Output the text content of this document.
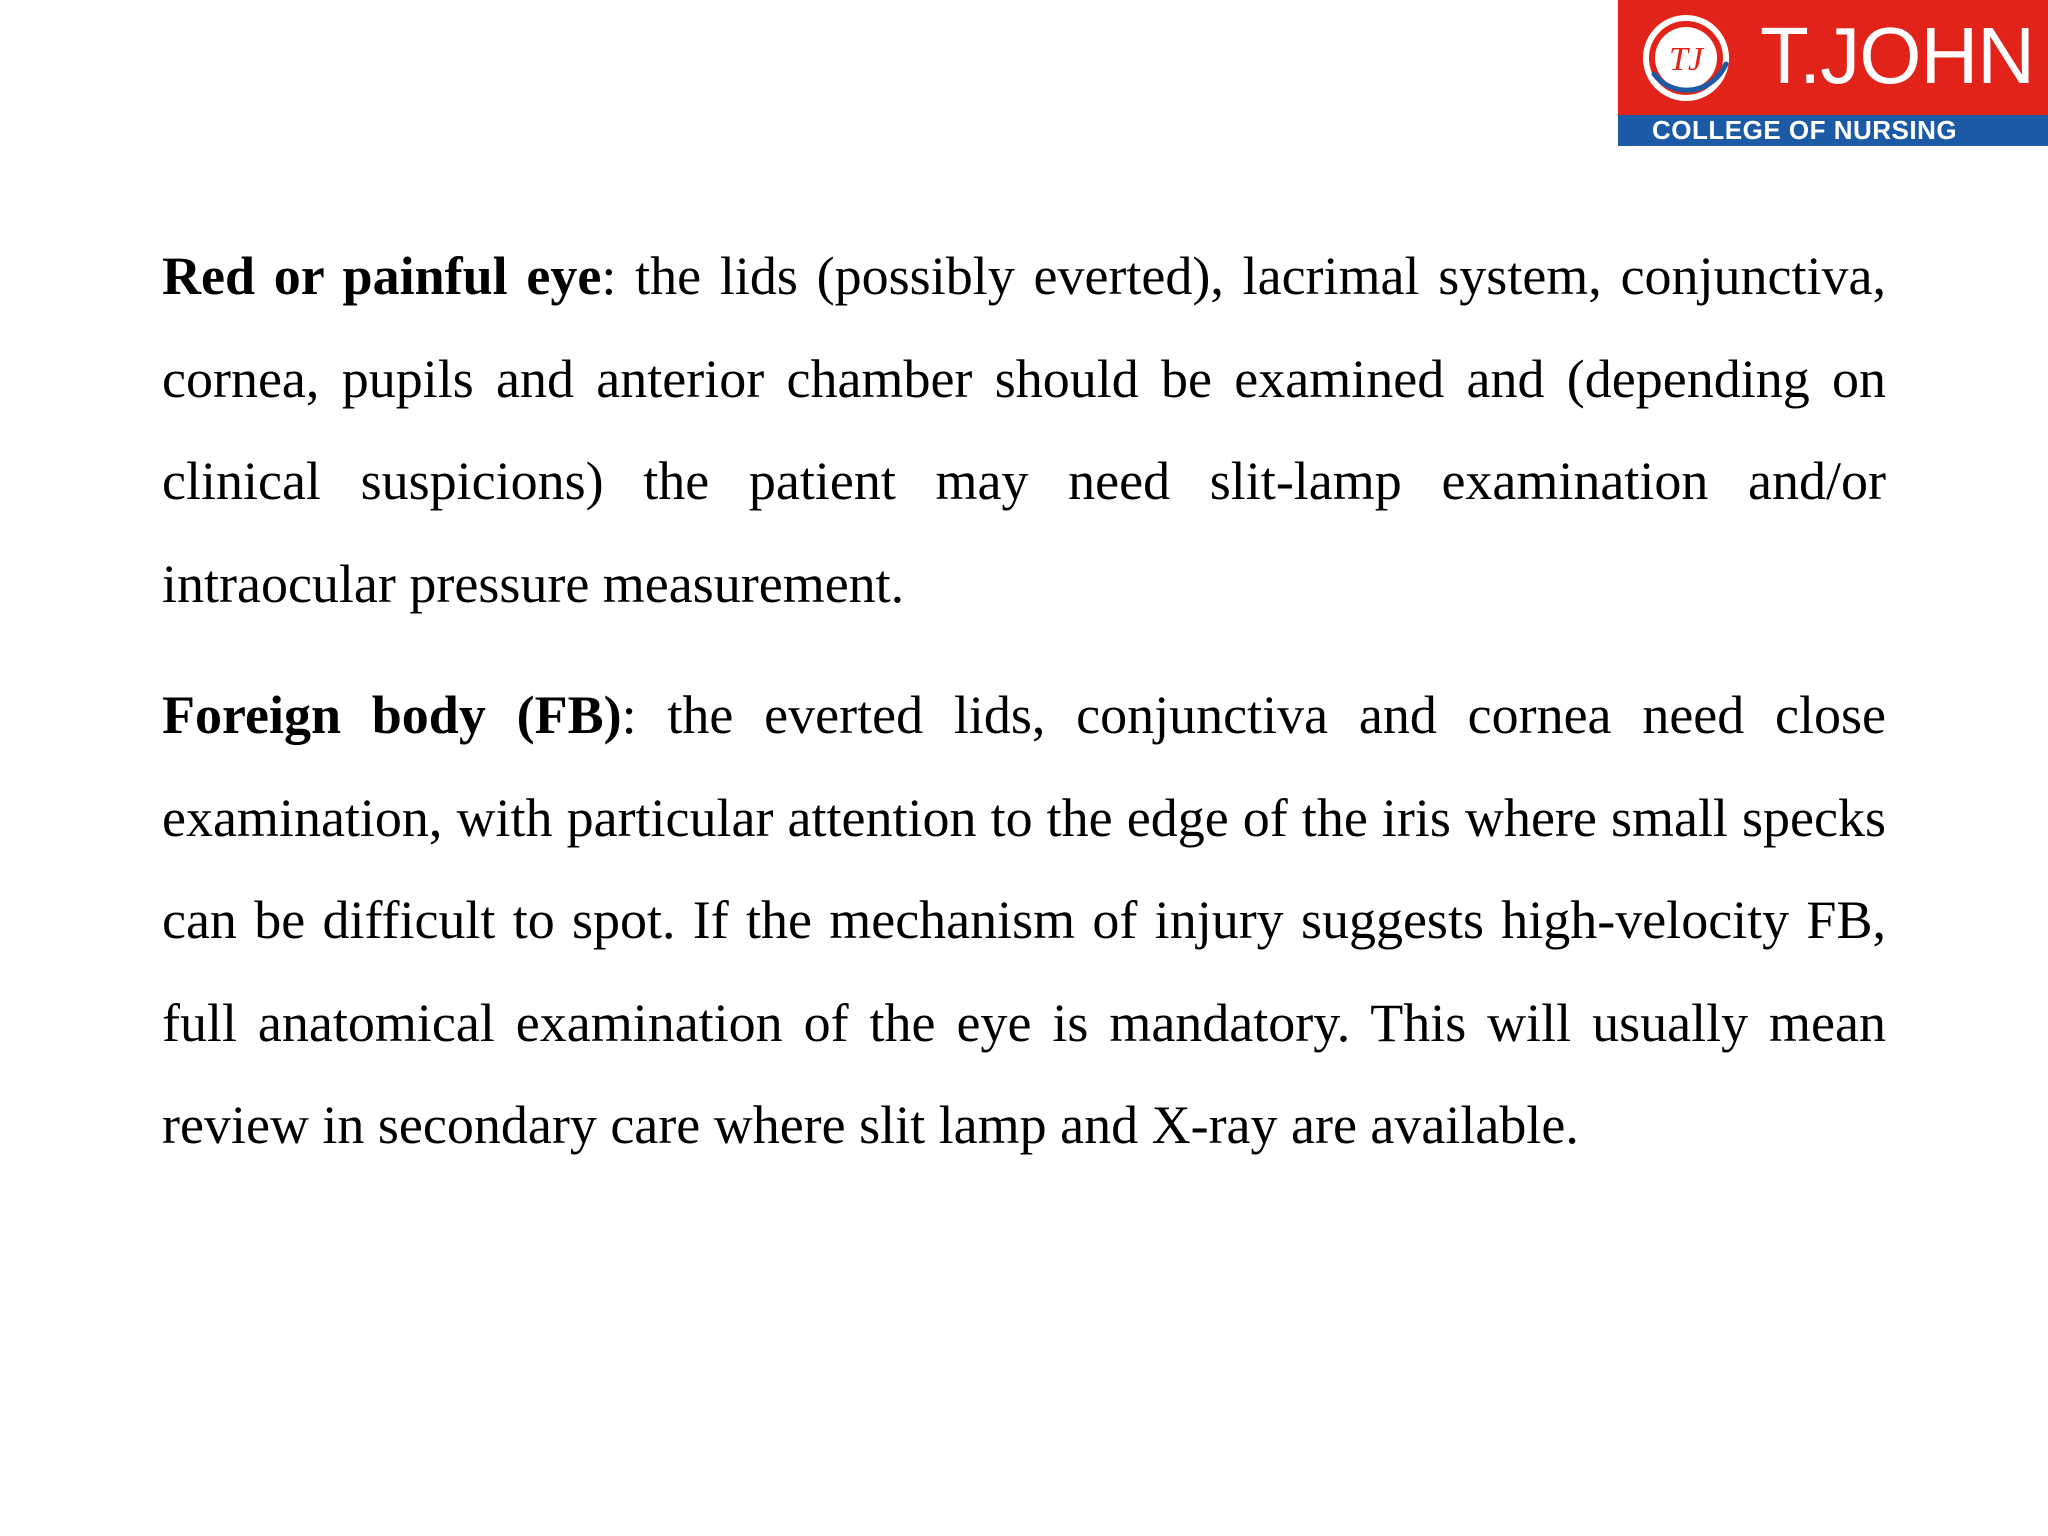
TJ T.JOHN
COLLEGE OF NURSING

Red or painful eye: the lids (possibly everted), lacrimal system, conjunctiva, cornea, pupils and anterior chamber should be examined and (depending on clinical suspicions) the patient may need slit-lamp examination and/or intraocular pressure measurement.

Foreign body (FB): the everted lids, conjunctiva and cornea need close examination, with particular attention to the edge of the iris where small specks can be difficult to spot. If the mechanism of injury suggests high-velocity FB, full anatomical examination of the eye is mandatory. This will usually mean review in secondary care where slit lamp and X-ray are available.
